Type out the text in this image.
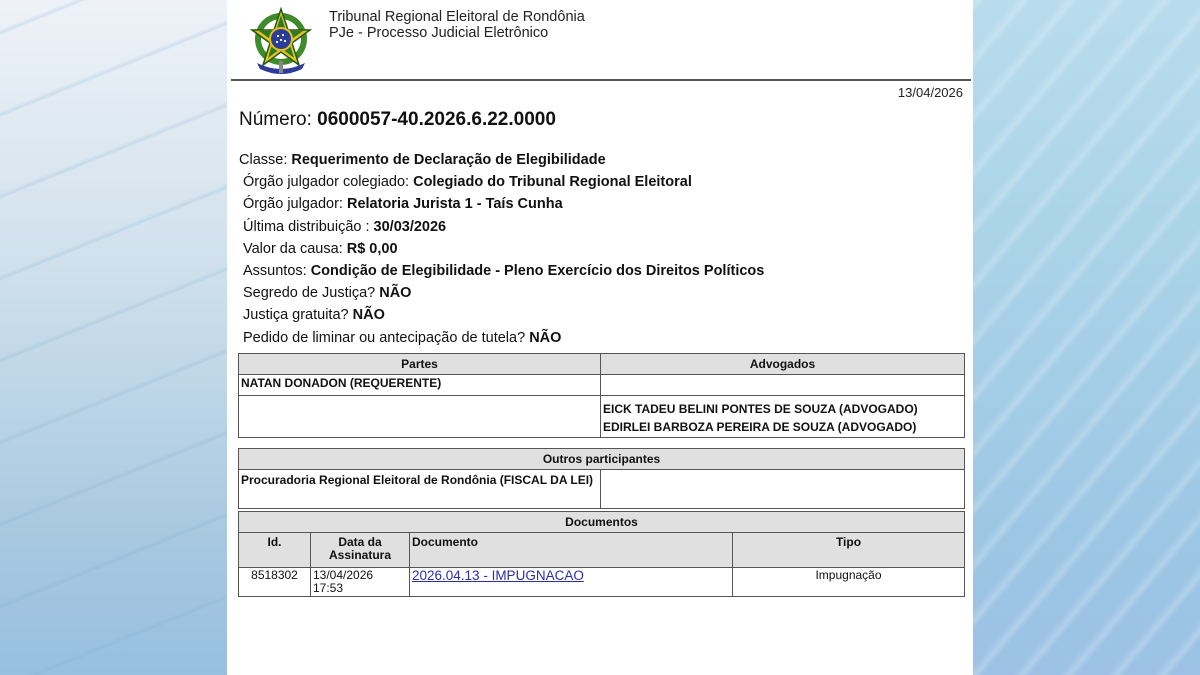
Tribunal Regional Eleitoral de Rondônia
PJe - Processo Judicial Eletrônico
13/04/2026
Número: 0600057-40.2026.6.22.0000
Classe: Requerimento de Declaração de Elegibilidade
Órgão julgador colegiado: Colegiado do Tribunal Regional Eleitoral
Órgão julgador: Relatoria Jurista 1 - Taís Cunha
Última distribuição : 30/03/2026
Valor da causa: R$ 0,00
Assuntos: Condição de Elegibilidade - Pleno Exercício dos Direitos Políticos
Segredo de Justiça? NÃO
Justiça gratuita? NÃO
Pedido de liminar ou antecipação de tutela? NÃO
Partes	Advogados
NATAN DONADON (REQUERENTE)	

	EICK TADEU BELINI PONTES DE SOUZA (ADVOGADO)
EDIRLEI BARBOZA PEREIRA DE SOUZA (ADVOGADO)
Outros participantes
Procuradoria Regional Eleitoral de Rondônia (FISCAL DA LEI)	
Documentos			
Id.	Data da Assinatura	Documento	Tipo
8518302	13/04/2026 17:53	2026.04.13 - IMPUGNACAO	Impugnação
